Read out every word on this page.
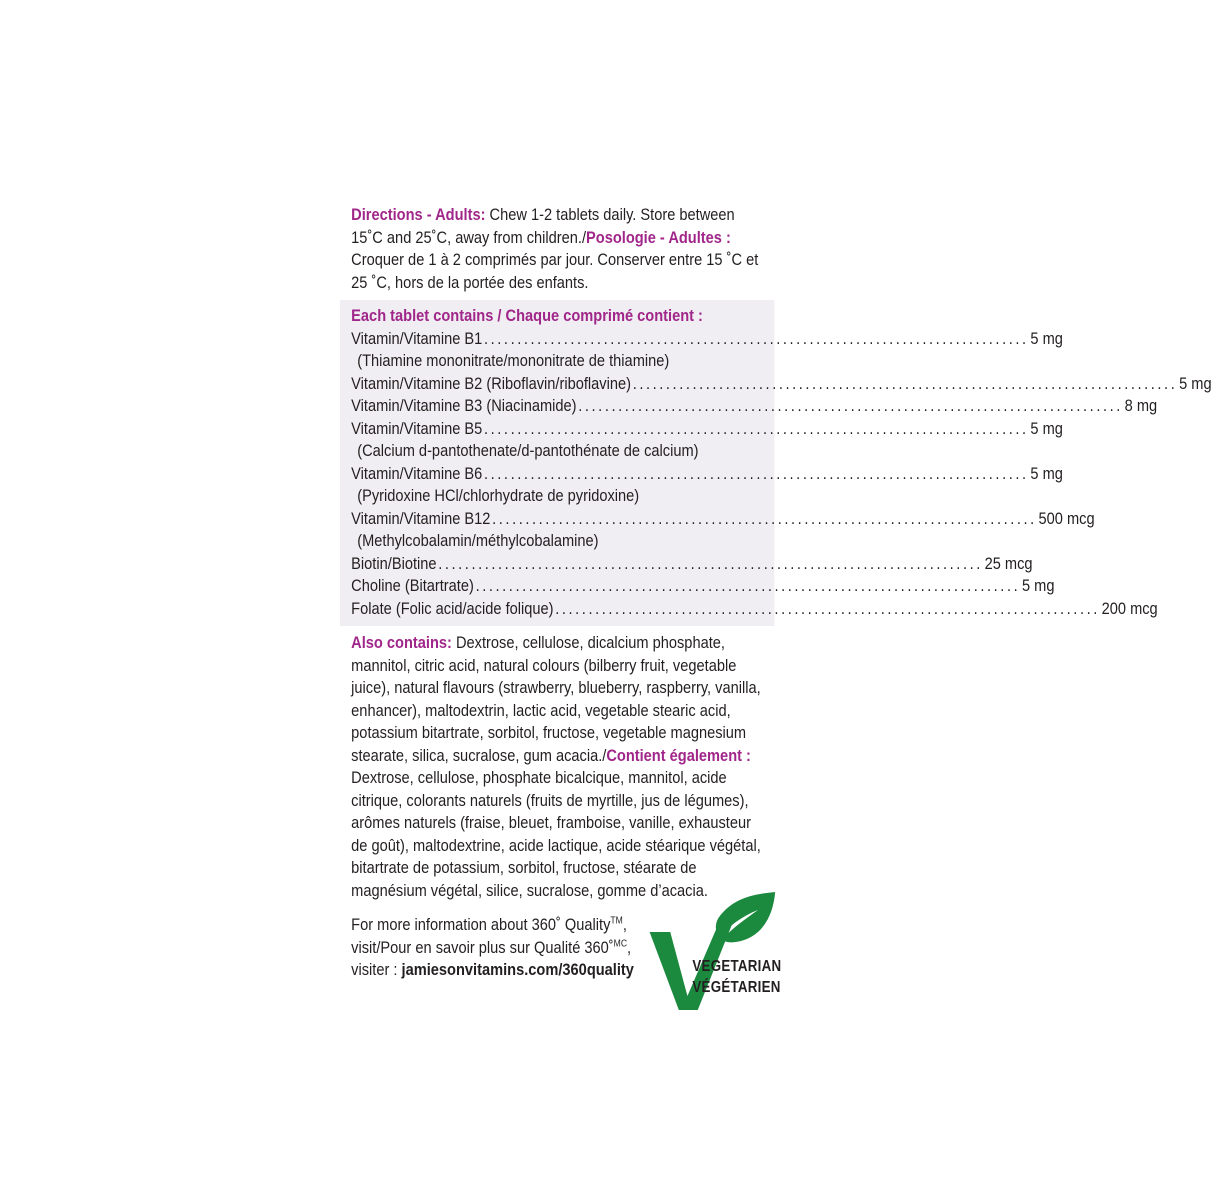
Directions - Adults: Chew 1-2 tablets daily. Store between 15˚C and 25˚C, away from children./Posologie - Adultes : Croquer de 1 à 2 comprimés par jour. Conserver entre 15 ˚C et 25 ˚C, hors de la portée des enfants.
Each tablet contains / Chaque comprimé contient :
Vitamin/Vitamine B1 .................................................................................. 5 mg
(Thiamine mononitrate/mononitrate de thiamine)
Vitamin/Vitamine B2 (Riboflavin/riboflavine) .................................................................................. 5 mg
Vitamin/Vitamine B3 (Niacinamide) .................................................................................. 8 mg
Vitamin/Vitamine B5 .................................................................................. 5 mg
(Calcium d-pantothenate/d-pantothénate de calcium)
Vitamin/Vitamine B6 .................................................................................. 5 mg
(Pyridoxine HCl/chlorhydrate de pyridoxine)
Vitamin/Vitamine B12 .................................................................................. 500 mcg
(Methylcobalamin/méthylcobalamine)
Biotin/Biotine .................................................................................. 25 mcg
Choline (Bitartrate) .................................................................................. 5 mg
Folate (Folic acid/acide folique) .................................................................................. 200 mcg
Also contains: Dextrose, cellulose, dicalcium phosphate, mannitol, citric acid, natural colours (bilberry fruit, vegetable juice), natural flavours (strawberry, blueberry, raspberry, vanilla, enhancer), maltodextrin, lactic acid, vegetable stearic acid, potassium bitartrate, sorbitol, fructose, vegetable magnesium stearate, silica, sucralose, gum acacia./Contient également : Dextrose, cellulose, phosphate bicalcique, mannitol, acide citrique, colorants naturels (fruits de myrtille, jus de légumes), arômes naturels (fraise, bleuet, framboise, vanille, exhausteur de goût), maltodextrine, acide lactique, acide stéarique végétal, bitartrate de potassium, sorbitol, fructose, stéarate de magnésium végétal, silice, sucralose, gomme d’acacia.
For more information about 360˚ Quality™,
visit/Pour en savoir plus sur Qualité 360˚$^{MC}$,
visiter : jamiesonvitamins.com/360quality	VEGETARIAN
VÉGÉTARIEN
